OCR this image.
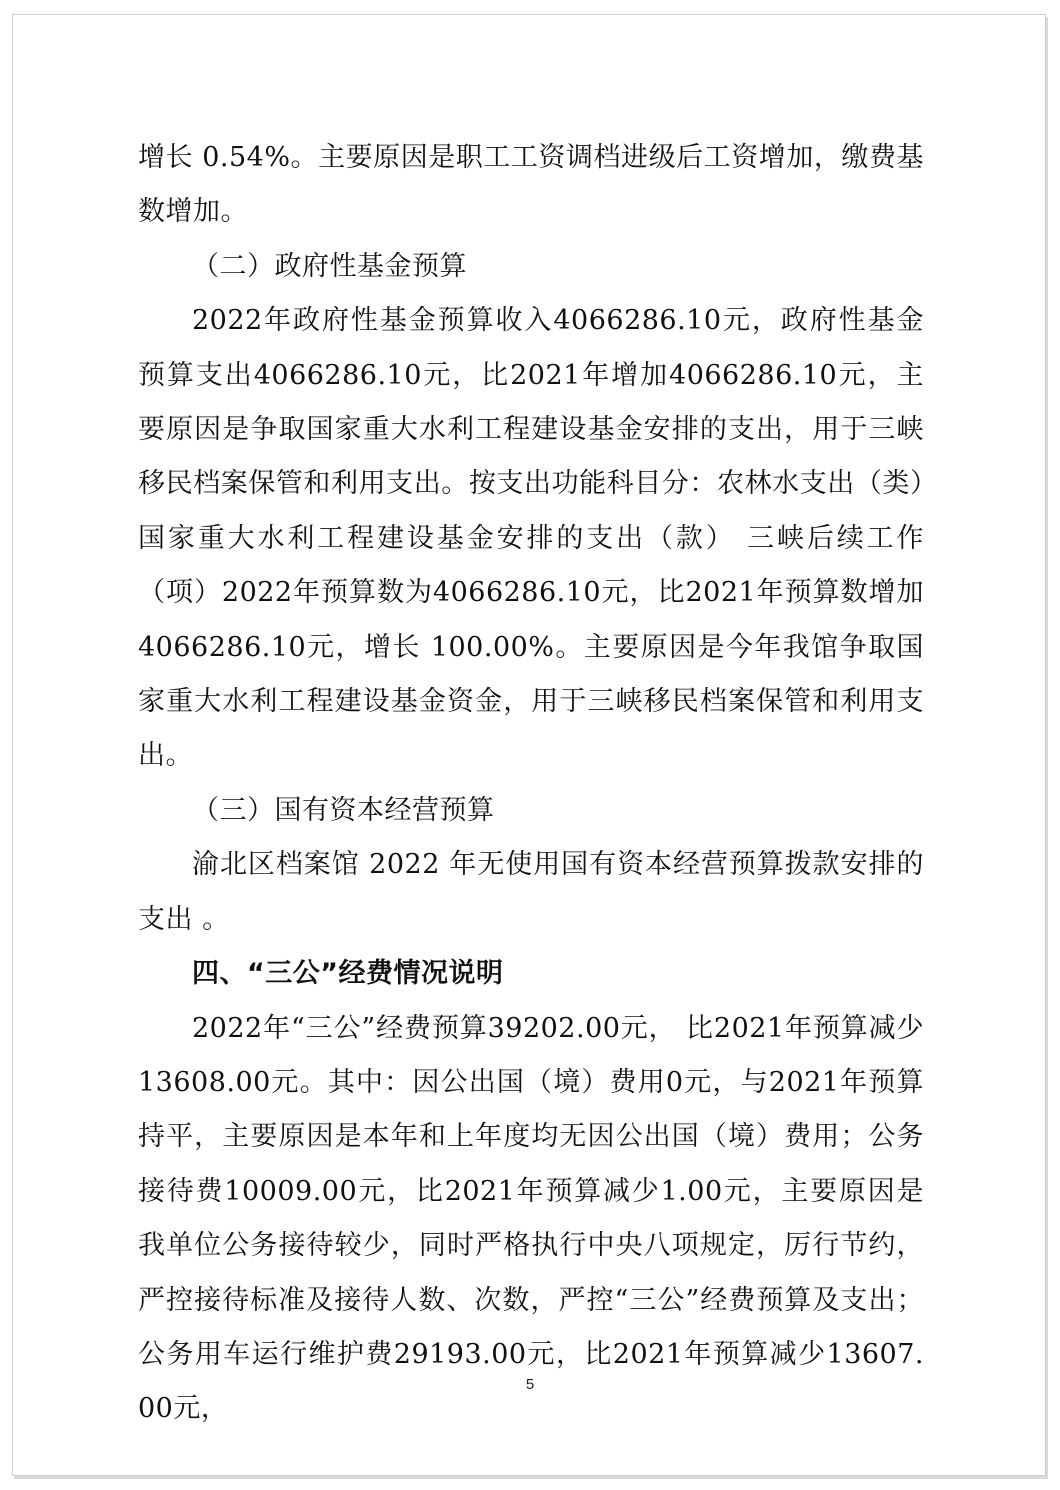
增长 0.54%。主要原因是职工工资调档进级后工资增加，缴费基数增加。

（二）政府性基金预算

2022年政府性基金预算收入4066286.10元，政府性基金预算支出4066286.10元，比2021年增加4066286.10元，主要原因是争取国家重大水利工程建设基金安排的支出，用于三峡移民档案保管和利用支出。按支出功能科目分：农林水支出（类）国家重大水利工程建设基金安排的支出（款） 三峡后续工作（项）2022年预算数为4066286.10元，比2021年预算数增加4066286.10元，增长 100.00%。主要原因是今年我馆争取国家重大水利工程建设基金资金，用于三峡移民档案保管和利用支出。

（三）国有资本经营预算

渝北区档案馆 2022 年无使用国有资本经营预算拨款安排的支出 。

四、“三公”经费情况说明

2022年“三公”经费预算39202.00元， 比2021年预算减少13608.00元。其中：因公出国（境）费用0元，与2021年预算持平，主要原因是本年和上年度均无因公出国（境）费用；公务接待费10009.00元，比2021年预算减少1.00元，主要原因是我单位公务接待较少，同时严格执行中央八项规定，厉行节约，严控接待标准及接待人数、次数，严控“三公”经费预算及支出；公务用车运行维护费29193.00元，比2021年预算减少13607.00元，

5
